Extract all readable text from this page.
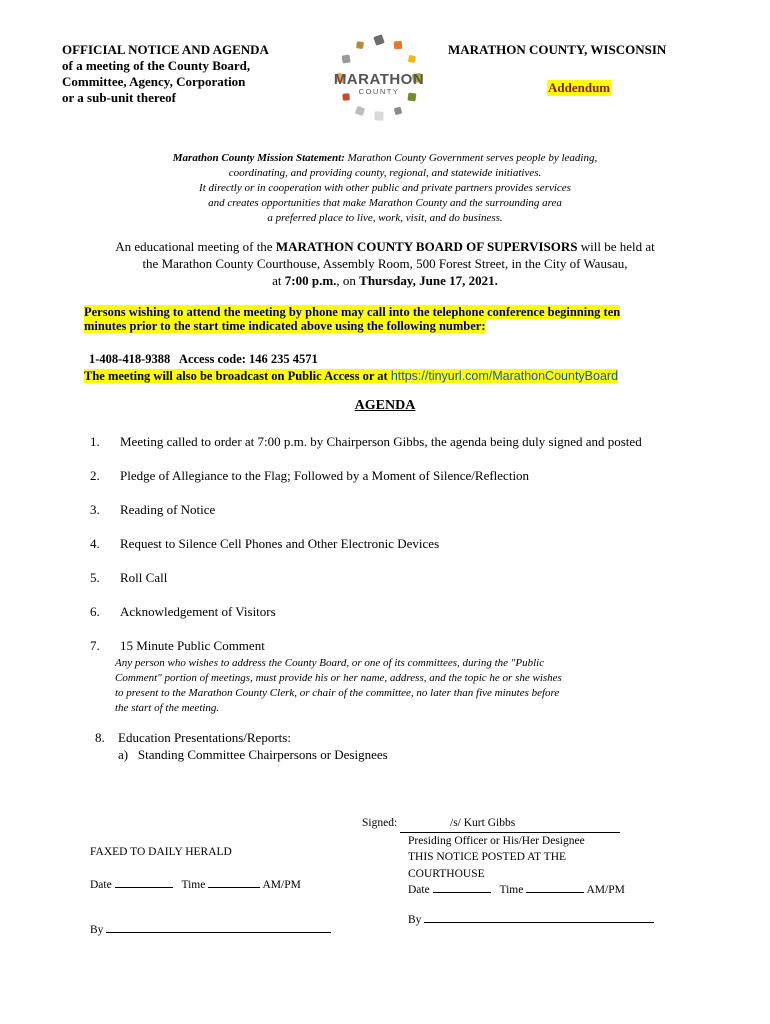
OFFICIAL NOTICE AND AGENDA
of a meeting of the County Board,
Committee, Agency, Corporation
or a sub-unit thereof
MARATHON
COUNTY
MARATHON COUNTY, WISCONSIN
Addendum
Marathon County Mission Statement: Marathon County Government serves people by leading,
coordinating, and providing county, regional, and statewide initiatives.
It directly or in cooperation with other public and private partners provides services
and creates opportunities that make Marathon County and the surrounding area
a preferred place to live, work, visit, and do business.
An educational meeting of the MARATHON COUNTY BOARD OF SUPERVISORS will be held at
the Marathon County Courthouse, Assembly Room, 500 Forest Street, in the City of Wausau,
at 7:00 p.m., on Thursday, June 17, 2021.
Persons wishing to attend the meeting by phone may call into the telephone conference beginning ten
minutes prior to the start time indicated above using the following number:
1-408-418-9388   Access code: 146 235 4571
The meeting will also be broadcast on Public Access or at https://tinyurl.com/MarathonCountyBoard
AGENDA
1. Meeting called to order at 7:00 p.m. by Chairperson Gibbs, the agenda being duly signed and posted
2. Pledge of Allegiance to the Flag; Followed by a Moment of Silence/Reflection
3. Reading of Notice
4. Request to Silence Cell Phones and Other Electronic Devices
5. Roll Call
6. Acknowledgement of Visitors
7. 15 Minute Public Comment
Any person who wishes to address the County Board, or one of its committees, during the "Public
Comment" portion of meetings, must provide his or her name, address, and the topic he or she wishes
to present to the Marathon County Clerk, or chair of the committee, no later than five minutes before
the start of the meeting.
8. Education Presentations/Reports:
a)   Standing Committee Chairpersons or Designees
Signed:	/s/ Kurt Gibbs
Presiding Officer or His/Her Designee
THIS NOTICE POSTED AT THE
COURTHOUSE
Date	Time	AM/PM
By
FAXED TO DAILY HERALD
Date	Time	AM/PM
By
